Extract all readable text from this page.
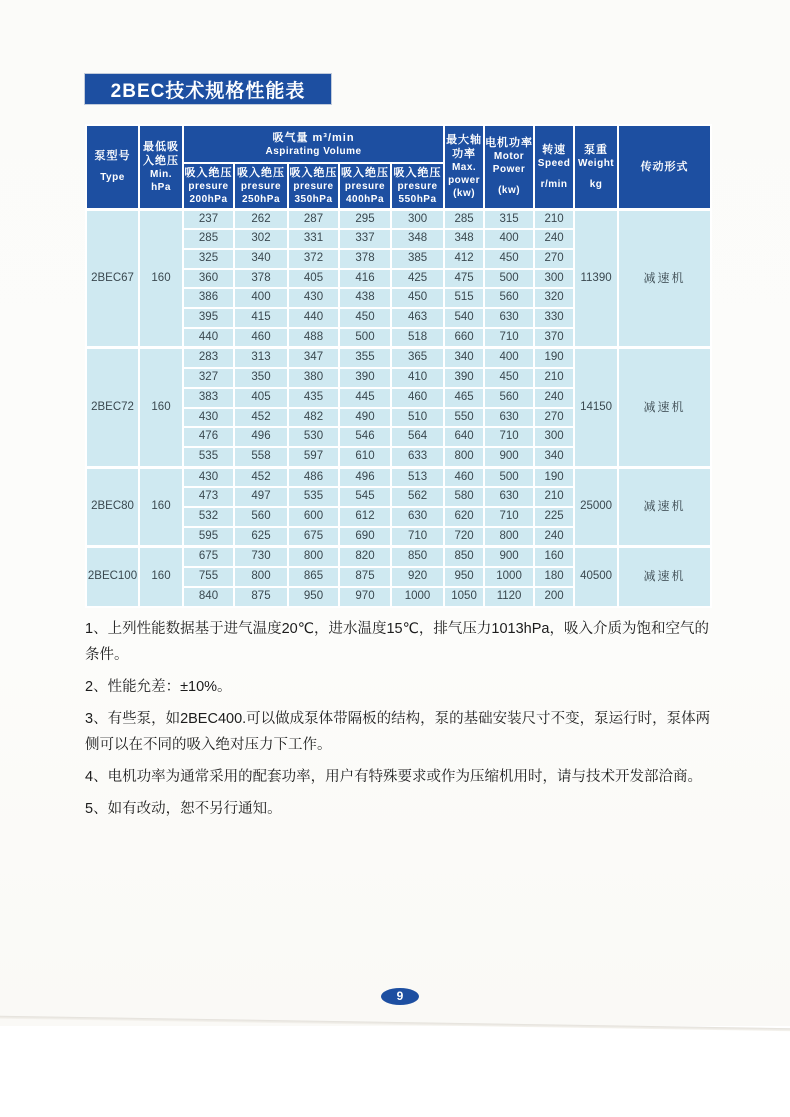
2BEC技术规格性能表
泵型号
Type	最低吸入绝压
Min.
hPa	吸气量 m³/min
Aspirating Volume					最大轴功率
Max.
power
(kw)	电机功率
Motor
Power
(kw)	转速
Speed
r/min	泵重
Weight
kg	传动形式

		吸入绝压
presure
200hPa	吸入绝压
presure
250hPa	吸入绝压
presure
350hPa	吸入绝压
presure
400hPa	吸入绝压
presure
550hPa					

2BEC67	160	237	262	287	295	300	285	315	210	11390	减速机
		285	302	331	337	348	348	400	240		
		325	340	372	378	385	412	450	270		
		360	378	405	416	425	475	500	300		
		386	400	430	438	450	515	560	320		
		395	415	440	450	463	540	630	330		
		440	460	488	500	518	660	710	370		
2BEC72	160	283	313	347	355	365	340	400	190	14150	减速机
		327	350	380	390	410	390	450	210		
		383	405	435	445	460	465	560	240		
		430	452	482	490	510	550	630	270		
		476	496	530	546	564	640	710	300		
		535	558	597	610	633	800	900	340		
2BEC80	160	430	452	486	496	513	460	500	190	25000	减速机
		473	497	535	545	562	580	630	210		
		532	560	600	612	630	620	710	225		
		595	625	675	690	710	720	800	240		
2BEC100	160	675	730	800	820	850	850	900	160	40500	减速机
		755	800	865	875	920	950	1000	180		
		840	875	950	970	1000	1050	1120	200		
1、上列性能数据基于进气温度20℃，进水温度15℃，排气压力1013hPa，吸入介质为饱和空气的条件。
2、性能允差：±10%。
3、有些泵，如2BEC400.可以做成泵体带隔板的结构，泵的基础安装尺寸不变，泵运行时，泵体两侧可以在不同的吸入绝对压力下工作。
4、电机功率为通常采用的配套功率，用户有特殊要求或作为压缩机用时，请与技术开发部洽商。
5、如有改动，恕不另行通知。
9
